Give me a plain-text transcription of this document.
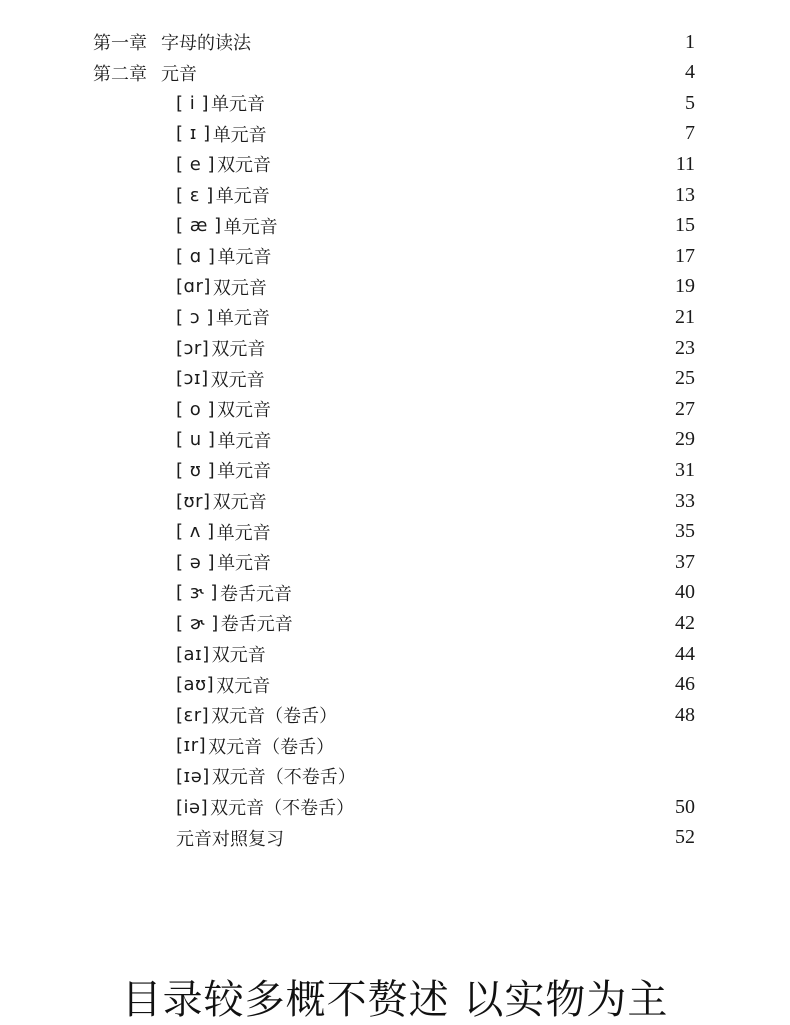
第一章 字母的读法	1
第二章 元音	4
[ i ] 单元音	5
[ ɪ ] 单元音	7
[ e ] 双元音	11
[ ɛ ] 单元音	13
[ æ ] 单元音	15
[ ɑ ] 单元音	17
[ɑr] 双元音	19
[ ɔ ] 单元音	21
[ɔr] 双元音	23
[ɔɪ] 双元音	25
[ o ] 双元音	27
[ u ] 单元音	29
[ ʊ ] 单元音	31
[ʊr] 双元音	33
[ ʌ ] 单元音	35
[ ə ] 单元音	37
[ ɝ ] 卷舌元音	40
[ ɚ ] 卷舌元音	42
[aɪ] 双元音	44
[aʊ] 双元音	46
[ɛr] 双元音（卷舌）	48
[ɪr] 双元音（卷舌）
[ɪə] 双元音（不卷舌）
[iə] 双元音（不卷舌）	50
元音对照复习	52
目录较多概不赘述 以实物为主
